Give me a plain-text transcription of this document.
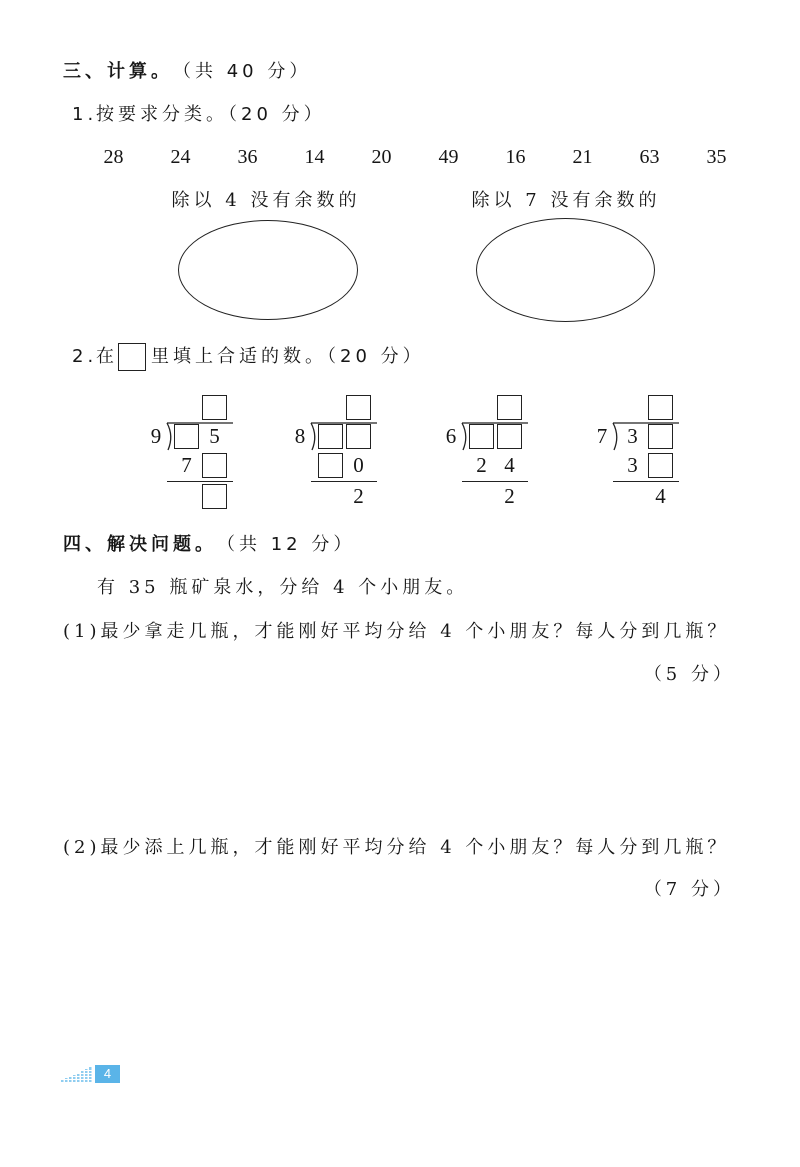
三、计算。 （共 40 分）
1.
按要求分类。（20 分）
28	24	36	14	20	49	16	21	63	35
除以 4 没有余数的	除以 7 没有余数的
2.
在 里填上合适的数。（20 分）
9	5
7
8
0
2
6
2 4
2
7 3
3
4
四、解决问题。 （共 12 分）
有 35 瓶矿泉水，分给 4 个小朋友。
(1) 最少拿走几瓶，才能刚好平均分给 4 个小朋友？每人分到几瓶？
（5 分）
(2) 最少添上几瓶，才能刚好平均分给 4 个小朋友？每人分到几瓶？
（7 分）
4
